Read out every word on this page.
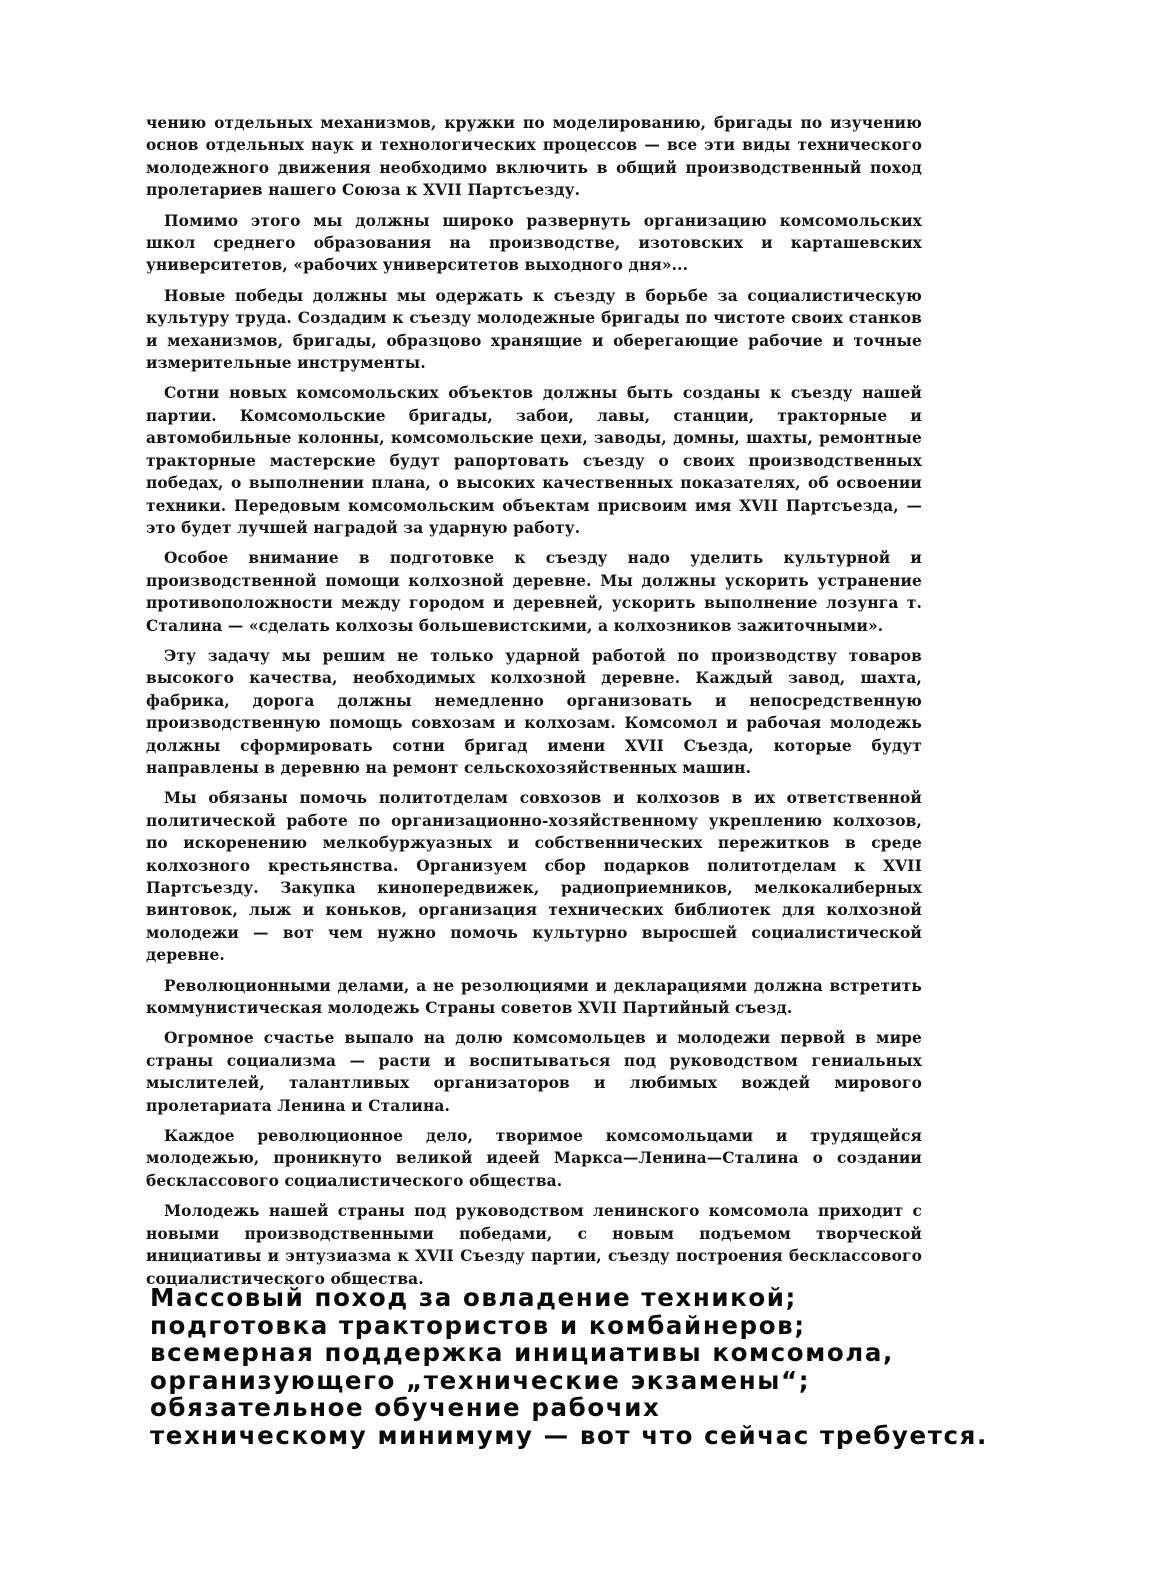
чению отдельных механизмов, кружки по моделированию, бригады по изучению основ отдельных наук и технологических процессов — все эти виды технического молодежного движения необходимо включить в общий производственный поход пролетариев нашего Союза к XVII Партсъезду.

Помимо этого мы должны широко развернуть организацию комсомольских школ среднего образования на производстве, изотовских и карташевских университетов, «рабочих университетов выходного дня»...

Новые победы должны мы одержать к съезду в борьбе за социалистическую культуру труда. Создадим к съезду молодежные бригады по чистоте своих станков и механизмов, бригады, образцово хранящие и оберегающие рабочие и точные измерительные инструменты.

Сотни новых комсомольских объектов должны быть созданы к съезду нашей партии. Комсомольские бригады, забои, лавы, станции, тракторные и автомобильные колонны, комсомольские цехи, заводы, домны, шахты, ремонтные тракторные мастерские будут рапортовать съезду о своих производственных победах, о выполнении плана, о высоких качественных показателях, об освоении техники. Передовым комсомольским объектам присвоим имя XVII Партсъезда, — это будет лучшей наградой за ударную работу.

Особое внимание в подготовке к съезду надо уделить культурной и производственной помощи колхозной деревне. Мы должны ускорить устранение противоположности между городом и деревней, ускорить выполнение лозунга т. Сталина — «сделать колхозы большевистскими, а колхозников зажиточными».

Эту задачу мы решим не только ударной работой по производству товаров высокого качества, необходимых колхозной деревне. Каждый завод, шахта, фабрика, дорога должны немедленно организовать и непосредственную производственную помощь совхозам и колхозам. Комсомол и рабочая молодежь должны сформировать сотни бригад имени XVII Съезда, которые будут направлены в деревню на ремонт сельскохозяйственных машин.

Мы обязаны помочь политотделам совхозов и колхозов в их ответственной политической работе по организационно-хозяйственному укреплению колхозов, по искоренению мелкобуржуазных и собственнических пережитков в среде колхозного крестьянства. Организуем сбор подарков политотделам к XVII Партсъезду. Закупка кинопередвижек, радиоприемников, мелкокалиберных винтовок, лыж и коньков, организация технических библиотек для колхозной молодежи — вот чем нужно помочь культурно выросшей социалистической деревне.

Революционными делами, а не резолюциями и декларациями должна встретить коммунистическая молодежь Страны советов XVII Партийный съезд.

Огромное счастье выпало на долю комсомольцев и молодежи первой в мире страны социализма — расти и воспитываться под руководством гениальных мыслителей, талантливых организаторов и любимых вождей мирового пролетариата Ленина и Сталина.

Каждое революционное дело, творимое комсомольцами и трудящейся молодежью, проникнуто великой идеей Маркса—Ленина—Сталина о создании бесклассового социалистического общества.

Молодежь нашей страны под руководством ленинского комсомола приходит с новыми производственными победами, с новым подъемом творческой инициативы и энтузиазма к XVII Съезду партии, съезду построения бесклассового социалистического общества.

Массовый поход за овладение техникой;
подготовка трактористов и комбайнеров;
всемерная поддержка инициативы комсомола,
организующего „технические экзамены“;
обязательное обучение рабочих
техническому минимуму — вот что сейчас требуется.
